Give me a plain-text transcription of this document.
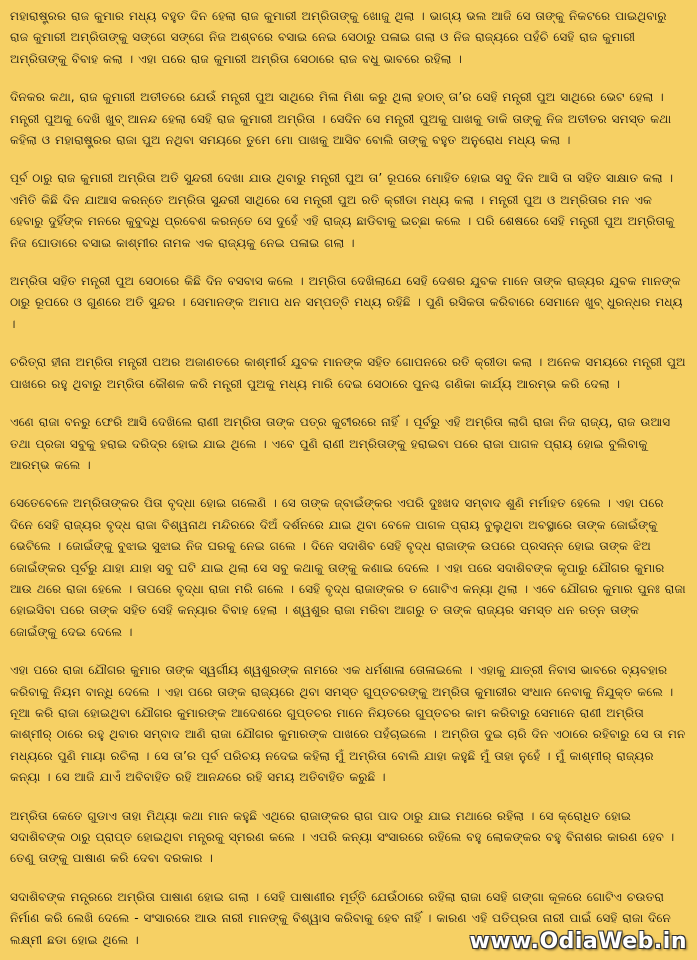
ମହାରାଷ୍ଟ୍ରର ରାଜ କୁମାର ମଧ୍ୟ ବହୁତ ଦିନ ହେଲା ରାଜ କୁମାରୀ ଅମ୍ରିତାଙ୍କୁ ଖୋଜୁ ଥିଲା । ଭାଗ୍ୟ ଭଲ ଆଜି ସେ ତାଙ୍କୁ ନିକଟରେ ପାଇଥିବାରୁ ରାଜ କୁମାରୀ ଅମ୍ରିତାଙ୍କୁ ସଙ୍ଗେ ସଙ୍ଗେ ନିଜ ଅଶ୍ବରେ ବସାଇ ନେଇ ସେଠାରୁ ପଳାଇ ଗଲା ଓ ନିଜ ରାଜ୍ୟରେ ପହଁଚି ସେହି ରାଜ କୁମାରୀ ଅମ୍ରିତାଙ୍କୁ ବିବାହ କଲା । ଏହା ପରେ ରାଜ କୁମାରୀ ଅମ୍ରିତା ସେଠାରେ ରାଜ ବଧୁ ଭାବରେ ରହିଲା ।

ଦିନକର କଥା, ରାଜ କୁମାରୀ ଅତୀତରେ ଯେଉଁ ମନ୍ତ୍ରୀ ପୁଅ ସାଥିରେ ମିଳା ମିଶା କରୁ ଥିଲା ହଠାତ୍ ତା’ର ସେହି ମନ୍ତ୍ରୀ ପୁଅ ସାଥିରେ ଭେଟ ହେଲା । ମନ୍ତ୍ରୀ ପୁଅକୁ ଦେଖି ଖୁବ୍ ଆନନ୍ଦ ହେଲା ସେହି ରାଜ କୁମାରୀ ଅମ୍ରିତା । ସେଦିନ ସେ ମନ୍ତ୍ରୀ ପୁଅକୁ ପାଖକୁ ଡାକି ତାଙ୍କୁ ନିଜ ଅତୀତର ସମସ୍ତ କଥା କହିଲା ଓ ମହାରାଷ୍ଟ୍ରର ରାଜା ପୁଅ ନଥିବା ସମୟରେ ତୁମେ ମୋ ପାଖକୁ ଆସିବ ବୋଲି ତାଙ୍କୁ ବହୁତ ଅନୁରୋଧ ମଧ୍ୟ କଲା ।

ପୂର୍ବ ଠାରୁ ରାଜ କୁମାରୀ ଅମ୍ରିତା ଅତି ସୁନ୍ଦରୀ ଦେଖା ଯାଉ ଥିବାରୁ ମନ୍ତ୍ରୀ ପୁଅ ତା’ ରୂପରେ ମୋହିତ ହୋଇ ସବୁ ଦିନ ଆସି ତା ସହିତ ସାକ୍ଷାତ କଲା । ଏମିତି କିଛି ଦିନ ଯାଆସ କରନ୍ତେ ଅମ୍ରିତା ସୁନ୍ଦରୀ ସାଥିରେ ସେ ମନ୍ତ୍ରୀ ପୁଅ ରତି କ୍ରୀଡା ମଧ୍ୟ କଲା । ମନ୍ତ୍ରୀ ପୁଅ ଓ ଅମ୍ରିତାର ମନ ଏକ ହେବାରୁ ଦୁହିଁଙ୍କ ମନରେ କୁବୁଦ୍ଧି ପ୍ରବେଶ କରନ୍ତେ ସେ ଦୁହେଁ ଏହି ରାଜ୍ୟ ଛାଡିବାକୁ ଇଚ୍ଛା କଲେ । ପରି ଶେଷରେ ସେହି ମନ୍ତ୍ରୀ ପୁଅ ଅମ୍ରିତାକୁ ନିଜ ଘୋଡାରେ ବସାଇ କାଶ୍ମୀର ନାମକ ଏକ ରାଜ୍ୟକୁ ନେଇ ପଳାଇ ଗଲା ।

ଅମ୍ରିତା ସହିତ ମନ୍ତ୍ରୀ ପୁଅ ସେଠାରେ କିଛି ଦିନ ବସବାସ କଲେ । ଅମ୍ରିତା ଦେଖିଲାଯେ ସେହି ଦେଶର ଯୁବକ ମାନେ ତାଙ୍କ ରାଜ୍ୟର ଯୁବକ ମାନଙ୍କ ଠାରୁ ରୂପରେ ଓ ଗୁଣରେ ଅତି ସୁନ୍ଦର । ସେମାନଙ୍କ ଅମାପ ଧନ ସମ୍ପତ୍ତି ମଧ୍ୟ ରହିଛି । ପୁଣି ରସିକତା କରିବାରେ ସେମାନେ ଖୁବ୍ ଧୁରନ୍ଧର ମଧ୍ୟ ।

ଚରିତ୍ରା ହୀନା ଅମ୍ରିତା ମନ୍ତ୍ରୀ ପଅର ଅଜାଣତରେ କାଶ୍ମୀର୍ର ଯୁବକ ମାନଙ୍କ ସହିତ ଗୋପନରେ ରତି କ୍ରୀଡା କଲା । ଅନେକ ସମୟରେ ମନ୍ତ୍ରୀ ପୁଅ ପାଖରେ ରହୁ ଥିବାରୁ ଅମ୍ରିତା କୌଶଳ କରି ମନ୍ତ୍ରୀ ପୁଅକୁ ମଧ୍ୟ ମାରି ଦେଇ ସେଠାରେ ପୁନଶ୍ଚ ଗଣିକା କାର୍ଯ୍ୟ ଆରମ୍ଭ କରି ଦେଲା ।

ଏଣେ ରାଜା ବନରୁ ଫେରି ଆସି ଦେଖିଲେ ରାଣୀ ଅମ୍ରିତା ତାଙ୍କ ପତ୍ର କୁଟୀରରେ ନାହିଁ । ପୂର୍ବରୁ ଏହି ଅମ୍ରିତା ଲାଗି ରାଜା ନିଜ ରାଜ୍ୟ, ରାଜ ଉଆସ ତଥା ପ୍ରଜା ସବୁକୁ ହରାଇ ଦରିଦ୍ର ହୋଇ ଯାଇ ଥିଲେ । ଏବେ ପୁଣି ରାଣୀ ଅମ୍ରିତାଙ୍କୁ ହରାଇବା ପରେ ରାଜା ପାଗଳ ପ୍ରାୟ ହୋଇ ବୁଲିବାକୁ ଆରମ୍ଭ କଲେ ।

ସେତେବେଳେ ଅମ୍ରିତାଙ୍କର ପିତା ବୃଦ୍ଧା ହୋଇ ଗଲେଣି । ସେ ତାଙ୍କ ଜ୍ବାଇଁଙ୍କର ଏପରି ଦୁଃଖଦ ସମ୍ବାଦ ଶୁଣି ମର୍ମାହତ ହେଲେ । ଏହା ପରେ ଦିନେ ସେହି ରାଜ୍ୟର ବୃଦ୍ଧ ରାଜା ବିଶ୍ୱନାଥ ମନ୍ଦିରରେ ଦିଅଁ ଦର୍ଶନରେ ଯାଇ ଥିବା ବେଳେ ପାଗଳ ପ୍ରାୟ ବୁଲୁଥିବା ଅବସ୍ଥାରେ ତାଙ୍କ ଜୋଇଁଙ୍କୁ ଭେଟିଲେ । ଜୋଇଁଙ୍କୁ ବୁଝାଇ ସୁଝାଇ ନିଜ ଘରକୁ ନେଇ ଗଲେ । ଦିନେ ସଦାଶିବ ସେହି ବୃଦ୍ଧ ରାଜାଙ୍କ ଉପରେ ପ୍ରସନ୍ନ ହୋଇ ତାଙ୍କ ଝିଅ ଜୋଇଁଙ୍କର ପୂର୍ବରୁ ଯାହା ଯାହା ସବୁ ଘଟି ଯାଇ ଥିଲା ସେ ସବୁ କଥାକୁ ତାଙ୍କୁ କଣାଇ ଦେଲେ । ଏହା ପରେ ସଦାଶିବଙ୍କ କୃପାରୁ ଯୌଗର କୁମାର ଆଉ ଥରେ ରାଜା ହେଲେ । ତାପରେ ବୃଦ୍ଧା ରାଜା ମରି ଗଲେ । ସେହି ବୃଦ୍ଧ ରାଜାଙ୍କର ତ ଗୋଟିଏ କନ୍ୟା ଥିଲା । ଏବେ ଯୌଗର କୁମାର ପୁନଃ ରାଜା ହୋଇସିବା ପରେ ତାଙ୍କ ସହିତ ସେହି କନ୍ୟାର ବିବାହ ହେଲା । ଶ୍ୱଶୁର ରାଜା ମରିବା ଆଗରୁ ତ ତାଙ୍କ ରାଜ୍ୟର ସମସ୍ତ ଧନ ରତ୍ନ ତାଙ୍କ ଜୋଇଁଙ୍କୁ ଦେଇ ଦେଲେ ।

ଏହା ପରେ ରାଜା ଯୌଗର କୁମାର ତାଙ୍କ ସ୍ୱର୍ଗୀୟ ଶ୍ୱଶୁରଙ୍କ ନାମରେ ଏକ ଧର୍ମଶାଳା ତୋଳାଇଲେ । ଏହାକୁ ଯାତ୍ରୀ ନିବାସ ଭାବରେ ବ୍ୟବହାର କରିବାକୁ ନିୟମ ବାନ୍ଧି ଦେଲେ । ଏହା ପରେ ତାଙ୍କ ରାଜ୍ୟରେ ଥିବା ସମସ୍ତ ଗୁପ୍ତଚରଙ୍କୁ ଅମ୍ରିତା କୁମାରୀର ସଂଧାନ ନେବାକୁ ନିଯୁକ୍ତ କଲେ । ନୂଆ କରି ରାଜା ହୋଇଥିବା ଯୌଗର କୁମାରଙ୍କ ଆଦେଶରେ ଗୁପ୍ତଚର ମାନେ ନିୟତରେ ଗୁପ୍ତଚର କାମ କରିବାରୁ ସେମାନେ ରାଣୀ ଅମ୍ରିତା କାଶ୍ମୀର୍ ଠାରେ ରହୁ ଥିବାର ସମ୍ବାଦ ଆଣି ରାଜା ଯୌଗର କୁମାରଙ୍କ ପାଖରେ ପହଁଚାଇଲେ । ଅମ୍ରିତା ଦୁଇ ଚାରି ଦିନ ଏଠାରେ ରହିବାରୁ ସେ ତା ମନ ମଧ୍ୟରେ ପୁଣି ମାୟା ରଚିଲା । ସେ ତା’ର ପୂର୍ବ ପରିଚୟ ନଦେଇ କହିଲା ମୁଁ ଅମ୍ରିତା ବୋଲି ଯାହା କହୁଛି ମୁଁ ତାହା ନୁହେଁ । ମୁଁ କାଶ୍ମୀର୍ ରାଜ୍ୟର କନ୍ୟା । ସେ ଆଜି ଯାଏଁ ଅବିବାହିତ ରହି ଆନନ୍ଦରେ ରହି ସମୟ ଅତିବାହିତ କରୁଛି ।

ଅମ୍ରିତା କେତେ ଗୁଡାଏ ତାହା ମିଥ୍ୟା କଥା ମାନ କହୁଛି ଏଥିରେ ରାଜାଙ୍କର ରାଗ ପାଦ ଠାରୁ ଯାଇ ମଥାରେ ରହିଲା । ସେ କ୍ରୋଧିତ ହୋଇ ସଦାଶିବଙ୍କ ଠାରୁ ପ୍ରାପ୍ତ ହୋଇଥିବା ମନ୍ତ୍ରକୁ ସ୍ମରଣ କଲେ । ଏପରି କନ୍ୟା ସଂସାରରେ ରହିଲେ ବହୁ ଲୋକଙ୍କର ବହୁ ବିନାଶର କାରଣ ହେବ । ତେଣୁ ତାଙ୍କୁ ପାଷାଣ କରି ଦେବା ଦରକାର ।

ସଦାଶିବଙ୍କ ମନ୍ତ୍ରରେ ଅମ୍ରିତା ପାଷାଣ ହୋଇ ଗଲା । ସେହି ପାଷାଣୀର ମୂର୍ତ୍ତି ଯେଉଁଠାରେ ରହିଲା ରାଜା ସେହି ଗଙ୍ଗା କୂଳରେ ଗୋଟିଏ ଚଉତରା ନିର୍ମାଣ କରି ଲେଖି ଦେଲେ - ସଂସାରରେ ଆଉ ନାରୀ ମାନଙ୍କୁ ବିଶ୍ୱାସ କରିବାକୁ ହେବ ନାହିଁ । କାରଣ ଏହି ପତିପ୍ରତା ନାରୀ ପାଇଁ ସେହି ରାଜା ଦିନେ ଲକ୍ଷ୍ମୀ ଛଡା ହୋଇ ଥିଲେ ।	www.OdiaWeb.in
